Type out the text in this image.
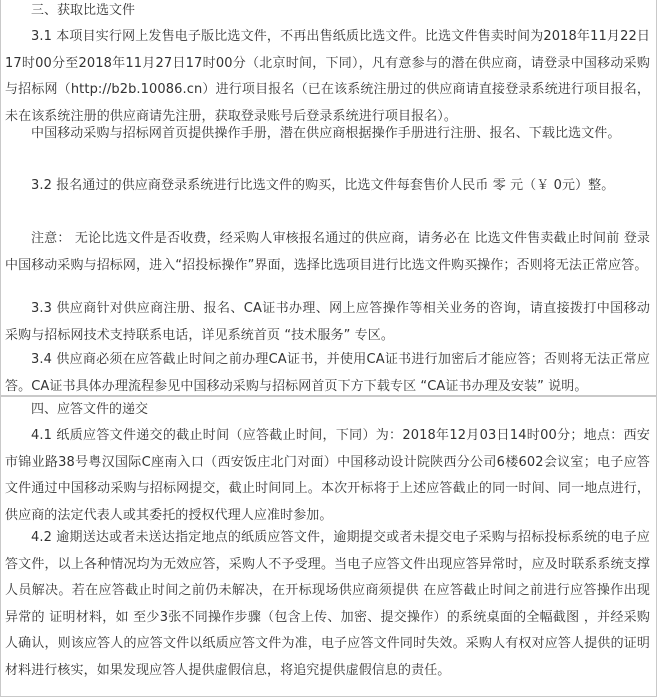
三、获取比选文件

3.1 本项目实行网上发售电子版比选文件，不再出售纸质比选文件。比选文件售卖时间为2018年11月22日17时00分至2018年11月27日17时00分（北京时间，下同），凡有意参与的潜在供应商，请登录中国移动采购与招标网（http://b2b.10086.cn）进行项目报名（已在该系统注册过的供应商请直接登录系统进行项目报名，未在该系统注册的供应商请先注册，获取登录账号后登录系统进行项目报名）。

中国移动采购与招标网首页提供操作手册，潜在供应商根据操作手册进行注册、报名、下载比选文件。

3.2 报名通过的供应商登录系统进行比选文件的购买，比选文件每套售价人民币 零 元（￥ 0元）整。

注意： 无论比选文件是否收费，经采购人审核报名通过的供应商，请务必在 比选文件售卖截止时间前 登录中国移动采购与招标网，进入“招投标操作”界面，选择比选项目进行比选文件购买操作；否则将无法正常应答。

3.3 供应商针对供应商注册、报名、CA证书办理、网上应答操作等相关业务的咨询，请直接拨打中国移动采购与招标网技术支持联系电话，详见系统首页 “技术服务” 专区。

3.4 供应商必须在应答截止时间之前办理CA证书，并使用CA证书进行加密后才能应答；否则将无法正常应答。CA证书具体办理流程参见中国移动采购与招标网首页下方下载专区 “CA证书办理及安装” 说明。

四、应答文件的递交

4.1 纸质应答文件递交的截止时间（应答截止时间，下同）为：2018年12月03日14时00分；地点：西安市锦业路38号粤汉国际C座南入口（西安饭庄北门对面）中国移动设计院陕西分公司6楼602会议室；电子应答文件通过中国移动采购与招标网提交，截止时间同上。本次开标将于上述应答截止的同一时间、同一地点进行，供应商的法定代表人或其委托的授权代理人应准时参加。

4.2 逾期送达或者未送达指定地点的纸质应答文件，逾期提交或者未提交电子采购与招标投标系统的电子应答文件，以上各种情况均为无效应答，采购人不予受理。当电子应答文件出现应答异常时，应及时联系系统支撑人员解决。若在应答截止时间之前仍未解决，在开标现场供应商须提供 在应答截止时间之前进行应答操作出现异常的 证明材料，如 至少3张不同操作步骤（包含上传、加密、提交操作）的系统桌面的全幅截图 ，并经采购人确认，则该应答人的应答文件以纸质应答文件为准，电子应答文件同时失效。采购人有权对应答人提供的证明材料进行核实，如果发现应答人提供虚假信息，将追究提供虚假信息的责任。
